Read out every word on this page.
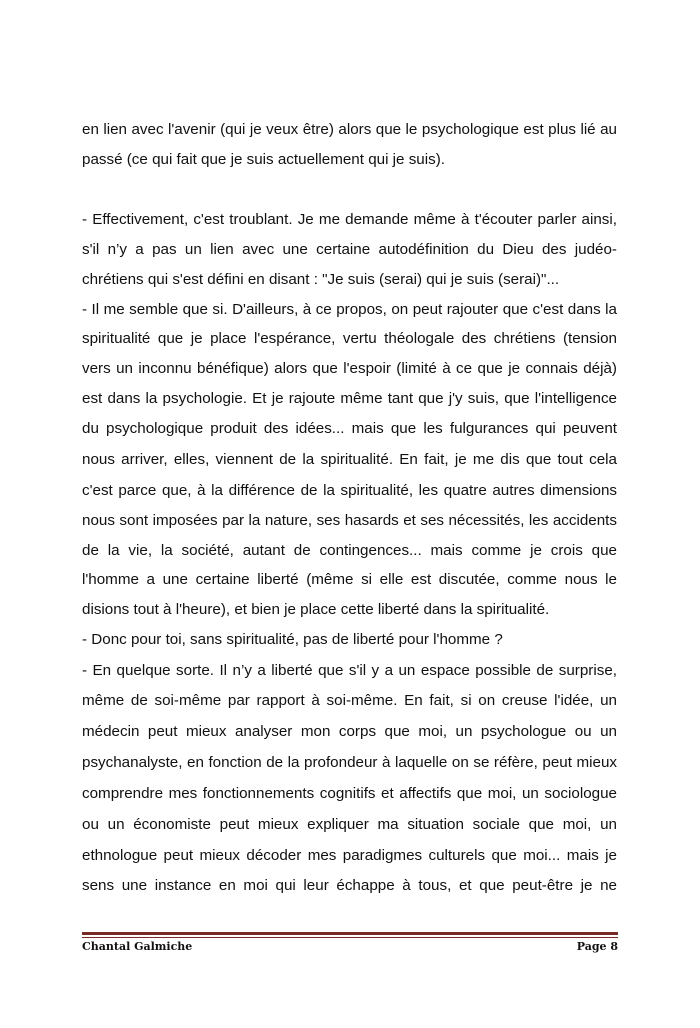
en lien avec l'avenir (qui je veux être) alors que le psychologique est plus lié au
passé (ce qui fait que je suis actuellement qui je suis).
- Effectivement, c'est troublant. Je me demande même à t'écouter parler ainsi,
s'il n’y a pas un lien avec une certaine autodéfinition du Dieu des judéo-
chrétiens qui s'est défini en disant : "Je suis (serai) qui je suis (serai)"...
- Il me semble que si. D'ailleurs, à ce propos, on peut rajouter que c'est dans la
spiritualité que je place l'espérance, vertu théologale des chrétiens (tension
vers un inconnu bénéfique) alors que l'espoir (limité à ce que je connais déjà)
est dans la psychologie. Et je rajoute même tant que j'y suis, que l'intelligence
du psychologique produit des idées... mais que les fulgurances qui peuvent
nous arriver, elles, viennent de la spiritualité. En fait, je me dis que tout cela
c'est parce que, à la différence de la spiritualité, les quatre autres dimensions
nous sont imposées par la nature, ses hasards et ses nécessités, les accidents
de la vie, la société, autant de contingences... mais comme je crois que
l'homme a une certaine liberté (même si elle est discutée, comme nous le
disions tout à l'heure), et bien je place cette liberté dans la spiritualité.
- Donc pour toi, sans spiritualité, pas de liberté pour l'homme ?
- En quelque sorte. Il n’y a liberté que s'il y a un espace possible de surprise,
même de soi-même par rapport à soi-même. En fait, si on creuse l'idée, un
médecin peut mieux analyser mon corps que moi, un psychologue ou un
psychanalyste, en fonction de la profondeur à laquelle on se réfère, peut mieux
comprendre mes fonctionnements cognitifs et affectifs que moi, un sociologue
ou un économiste peut mieux expliquer ma situation sociale que moi, un
ethnologue peut mieux décoder mes paradigmes culturels que moi... mais je
sens une instance en moi qui leur échappe à tous, et que peut-être je ne
Chantal Galmiche	Page 8
